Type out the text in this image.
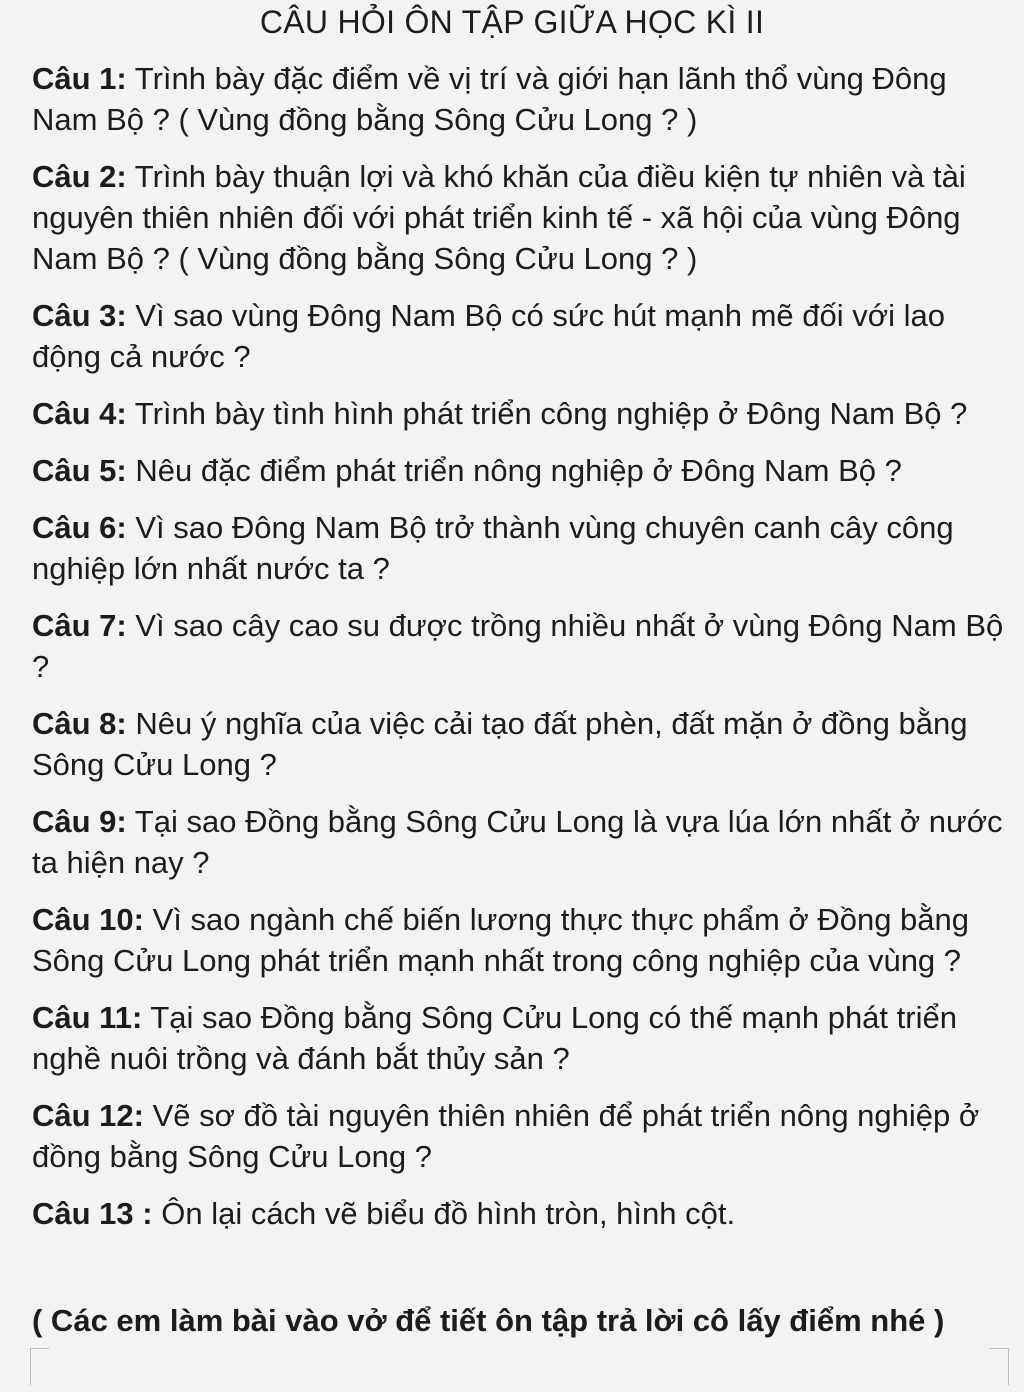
CÂU HỎI ÔN TẬP GIỮA HỌC KÌ II

Câu 1: Trình bày đặc điểm về vị trí và giới hạn lãnh thổ vùng Đông Nam Bộ ? ( Vùng đồng bằng Sông Cửu Long ? )

Câu 2: Trình bày thuận lợi và khó khăn của điều kiện tự nhiên và tài nguyên thiên nhiên đối với phát triển kinh tế - xã hội của vùng Đông Nam Bộ ? ( Vùng đồng bằng Sông Cửu Long ? )

Câu 3: Vì sao vùng Đông Nam Bộ có sức hút mạnh mẽ đối với lao động cả nước ?

Câu 4: Trình bày tình hình phát triển công nghiệp ở Đông Nam Bộ ?

Câu 5: Nêu đặc điểm phát triển nông nghiệp ở Đông Nam Bộ ?

Câu 6: Vì sao Đông Nam Bộ trở thành vùng chuyên canh cây công nghiệp lớn nhất nước ta ?

Câu 7: Vì sao cây cao su được trồng nhiều nhất ở vùng Đông Nam Bộ ?

Câu 8: Nêu ý nghĩa của việc cải tạo đất phèn, đất mặn ở đồng bằng Sông Cửu Long ?

Câu 9: Tại sao Đồng bằng Sông Cửu Long là vựa lúa lớn nhất ở nước ta hiện nay ?

Câu 10: Vì sao ngành chế biến lương thực thực phẩm ở Đồng bằng Sông Cửu Long phát triển mạnh nhất trong công nghiệp của vùng ?

Câu 11: Tại sao Đồng bằng Sông Cửu Long có thế mạnh phát triển nghề nuôi trồng và đánh bắt thủy sản ?

Câu 12: Vẽ sơ đồ tài nguyên thiên nhiên để phát triển nông nghiệp ở đồng bằng Sông Cửu Long ?

Câu 13 : Ôn lại cách vẽ biểu đồ hình tròn, hình cột.

( Các em làm bài vào vở để tiết ôn tập trả lời cô lấy điểm nhé )
